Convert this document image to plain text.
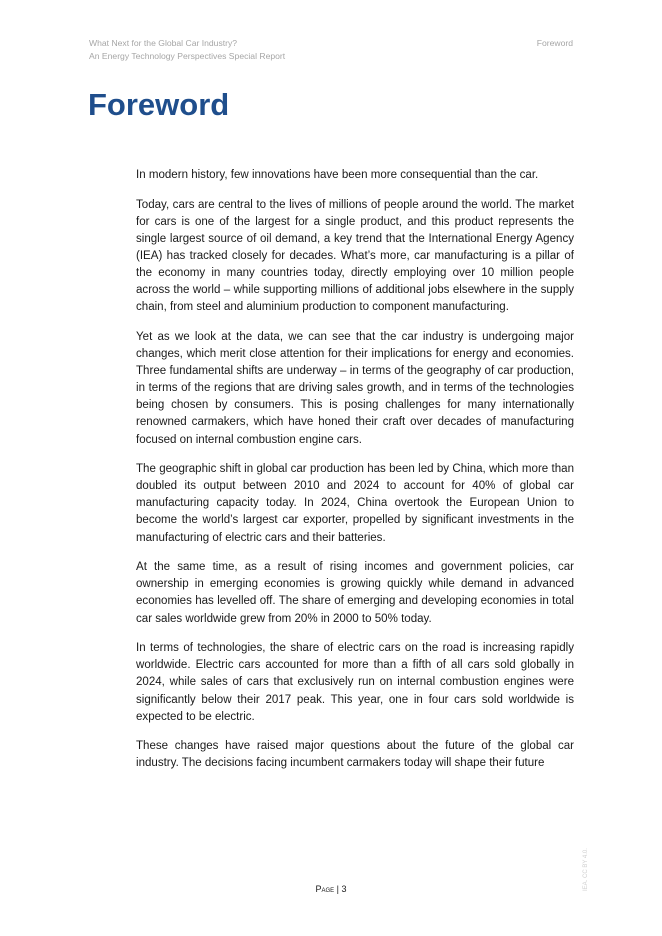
What Next for the Global Car Industry?
An Energy Technology Perspectives Special Report
Foreword
Foreword

In modern history, few innovations have been more consequential than the car.

Today, cars are central to the lives of millions of people around the world. The market for cars is one of the largest for a single product, and this product represents the single largest source of oil demand, a key trend that the International Energy Agency (IEA) has tracked closely for decades. What’s more, car manufacturing is a pillar of the economy in many countries today, directly employing over 10 million people across the world – while supporting millions of additional jobs elsewhere in the supply chain, from steel and aluminium production to component manufacturing.

Yet as we look at the data, we can see that the car industry is undergoing major changes, which merit close attention for their implications for energy and economies. Three fundamental shifts are underway – in terms of the geography of car production, in terms of the regions that are driving sales growth, and in terms of the technologies being chosen by consumers. This is posing challenges for many internationally renowned carmakers, which have honed their craft over decades of manufacturing focused on internal combustion engine cars.

The geographic shift in global car production has been led by China, which more than doubled its output between 2010 and 2024 to account for 40% of global car manufacturing capacity today. In 2024, China overtook the European Union to become the world’s largest car exporter, propelled by significant investments in the manufacturing of electric cars and their batteries.

At the same time, as a result of rising incomes and government policies, car ownership in emerging economies is growing quickly while demand in advanced economies has levelled off. The share of emerging and developing economies in total car sales worldwide grew from 20% in 2000 to 50% today.

In terms of technologies, the share of electric cars on the road is increasing rapidly worldwide. Electric cars accounted for more than a fifth of all cars sold globally in 2024, while sales of cars that exclusively run on internal combustion engines were significantly below their 2017 peak. This year, one in four cars sold worldwide is expected to be electric.

These changes have raised major questions about the future of the global car industry. The decisions facing incumbent carmakers today will shape their future

IEA. CC BY 4.0.
Page | 3
